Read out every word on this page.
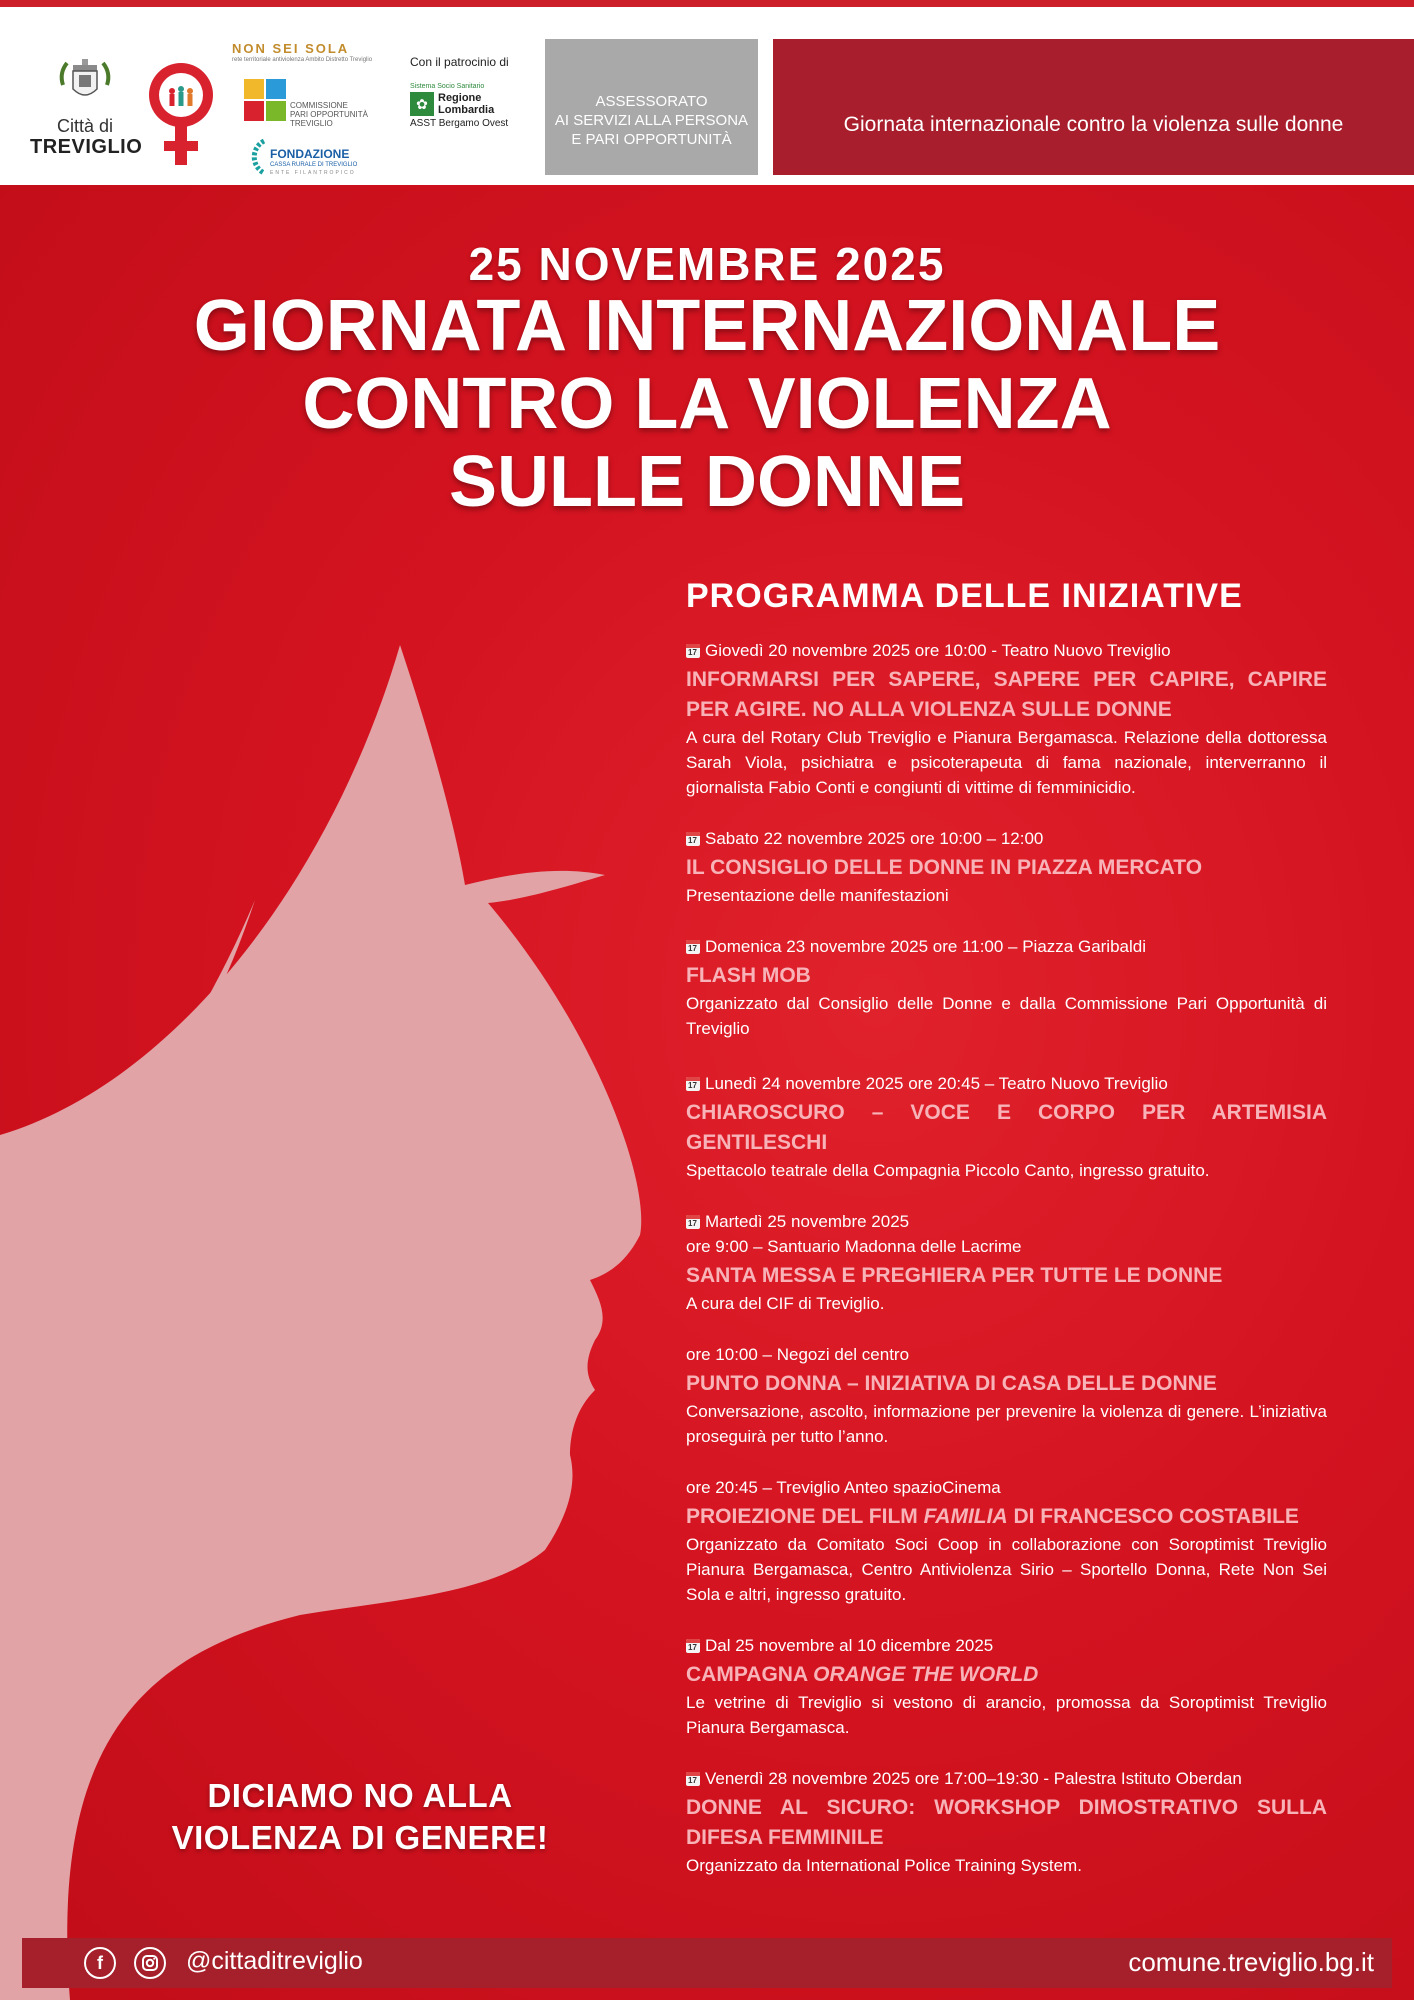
Città di
TREVIGLIO
NON SEI SOLA
rete territoriale antiviolenza Ambito Distretto Treviglio
COMMISSIONE
PARI OPPORTUNITÀ
TREVIGLIO
FONDAZIONE
CASSA RURALE DI TREVIGLIO
ENTE FILANTROPICO
Con il patrocinio di
Sistema Socio Sanitario
✿ Regione
Lombardia
ASST Bergamo Ovest
ASSESSORATO
AI SERVIZI ALLA PERSONA
E PARI OPPORTUNITÀ
Giornata internazionale contro la violenza sulle donne
25 NOVEMBRE 2025
GIORNATA INTERNAZIONALE
CONTRO LA VIOLENZA
SULLE DONNE
PROGRAMMA DELLE INIZIATIVE
17
Giovedì 20 novembre 2025 ore 10:00 - Teatro Nuovo Treviglio
INFORMARSI PER SAPERE, SAPERE PER CAPIRE, CAPIRE PER AGIRE. NO ALLA VIOLENZA SULLE DONNE
A cura del Rotary Club Treviglio e Pianura Bergamasca. Relazione della dottoressa Sarah Viola, psichiatra e psicoterapeuta di fama nazionale, interverranno il giornalista Fabio Conti e congiunti di vittime di femminicidio.
17
Sabato 22 novembre 2025 ore 10:00 – 12:00
IL CONSIGLIO DELLE DONNE IN PIAZZA MERCATO
Presentazione delle manifestazioni
17
Domenica 23 novembre 2025 ore 11:00 – Piazza Garibaldi
FLASH MOB
Organizzato dal Consiglio delle Donne e dalla Commissione Pari Opportunità di Treviglio
17
Lunedì 24 novembre 2025 ore 20:45 – Teatro Nuovo Treviglio
CHIAROSCURO – VOCE E CORPO PER ARTEMISIA GENTILESCHI
Spettacolo teatrale della Compagnia Piccolo Canto, ingresso gratuito.
17
Martedì 25 novembre 2025
ore 9:00 – Santuario Madonna delle Lacrime
SANTA MESSA E PREGHIERA PER TUTTE LE DONNE
A cura del CIF di Treviglio.
ore 10:00 – Negozi del centro
PUNTO DONNA – INIZIATIVA DI CASA DELLE DONNE
Conversazione, ascolto, informazione per prevenire la violenza di genere. L’iniziativa proseguirà per tutto l’anno.
ore 20:45 – Treviglio Anteo spazioCinema
PROIEZIONE DEL FILM FAMILIA DI FRANCESCO COSTABILE
Organizzato da Comitato Soci Coop in collaborazione con Soroptimist Treviglio Pianura Bergamasca, Centro Antiviolenza Sirio – Sportello Donna, Rete Non Sei Sola e altri, ingresso gratuito.
17
Dal 25 novembre al 10 dicembre 2025
CAMPAGNA ORANGE THE WORLD
Le vetrine di Treviglio si vestono di arancio, promossa da Soroptimist Treviglio Pianura Bergamasca.
17
Venerdì 28 novembre 2025 ore 17:00–19:30 - Palestra Istituto Oberdan
DONNE AL SICURO: WORKSHOP DIMOSTRATIVO SULLA DIFESA FEMMINILE
Organizzato da International Police Training System.
DICIAMO NO ALLA
VIOLENZA DI GENERE!
f	@cittaditreviglio	comune.treviglio.bg.it
